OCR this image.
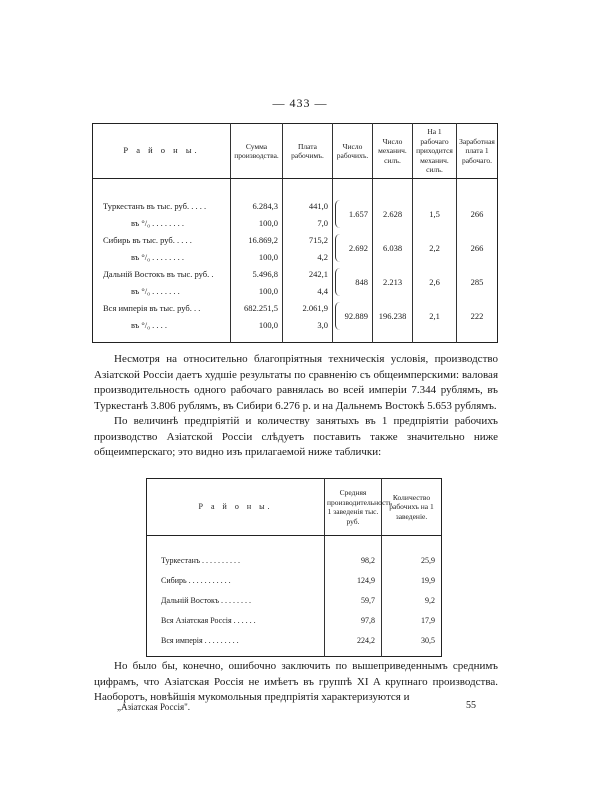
— 433 —
Р а й о н ы.	Сумма производства.	Плата рабочимъ.	Число рабочихъ.	Число механич. силъ.	На 1 рабочаго приходится механич. силъ.	Заработная плата 1 рабочаго.

Туркестанъ въ тыс. руб. . . . .	6.284,3	441,0	1.657	2.628	1,5	266
въ °/₀ . . . . . . . .	100,0	7,0				
Сибирь въ тыс. руб. . . . .	16.869,2	715,2	2.692	6.038	2,2	266
въ °/₀ . . . . . . . .	100,0	4,2				
Дальній Востокъ въ тыс. руб. .	5.496,8	242,1	848	2.213	2,6	285
въ °/₀ . . . . . . .	100,0	4,4				
Вся имперія въ тыс. руб. . .	682.251,5	2.061,9	92.889	196.238	2,1	222
въ °/₀ . . . .	100,0	3,0				

Несмотря на относительно благопріятныя техническія условія, производство Азіатской Россіи даетъ худшіе результаты по сравненію съ общеимперскими: валовая производительность одного рабочаго равнялась во всей имперіи 7.344 рублямъ, въ Туркестанѣ 3.806 рублямъ, въ Сибири 6.276 р. и на Дальнемъ Востокѣ 5.653 рублямъ.

По величинѣ предпріятій и количеству занятыхъ въ 1 предпріятіи рабочихъ производство Азіатской Россіи слѣдуетъ поставить также значительно ниже общеимперскаго; это видно изъ прилагаемой ниже таблички:

Р а й о н ы.	Средняя производительность 1 заведенія тыс. руб.	Количество рабочихъ на 1 заведеніе.

Туркестанъ . . . . . . . . . .	98,2	25,9
Сибирь . . . . . . . . . . .	124,9	19,9
Дальній Востокъ . . . . . . . .	59,7	9,2
Вся Азіатская Россія . . . . . .	97,8	17,9
Вся имперія . . . . . . . . .	224,2	30,5

Но было бы, конечно, ошибочно заключить по вышеприведеннымъ среднимъ цифрамъ, что Азіатская Россія не имѣетъ въ группѣ XI A крупнаго производства. Наоборотъ, новѣйшія мукомольныя предпріятія характеризуются и

„Азіатская Россія".	55
